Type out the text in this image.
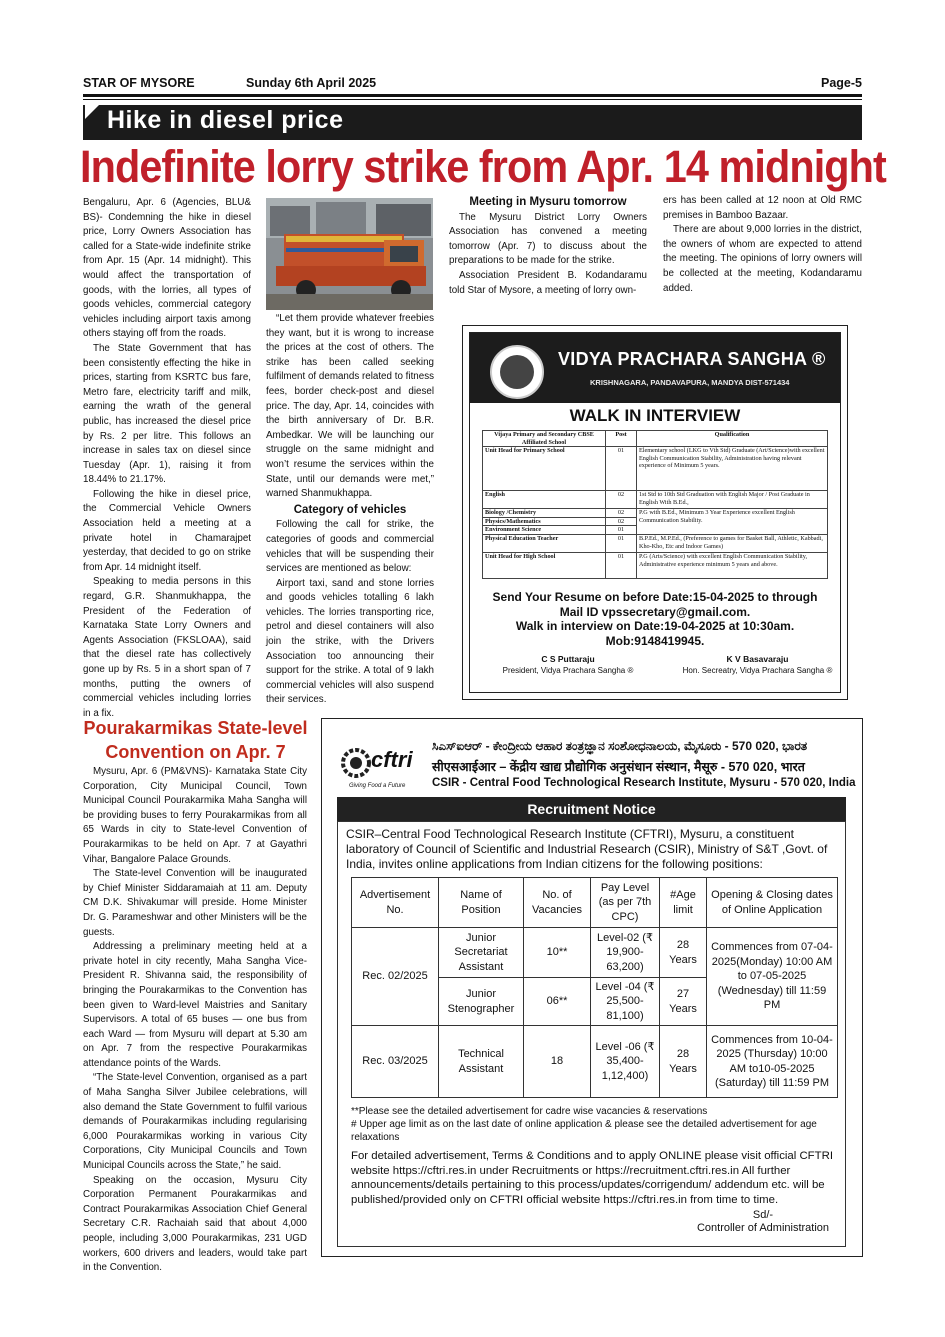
STAR OF MYSORE	Sunday 6th April 2025	Page-5
Hike in diesel price
Indefinite lorry strike from Apr. 14 midnight

Bengaluru, Apr. 6 (Agencies, BLU& BS)- Condemning the hike in diesel price, Lorry Owners Association has called for a State-wide indefinite strike from Apr. 15 (Apr. 14 midnight). This would affect the transportation of goods, with the lorries, all types of goods vehicles, commercial category vehicles including airport taxis among others staying off from the roads.

The State Government that has been consistently effecting the hike in prices, starting from KSRTC bus fare, Metro fare, electricity tariff and milk, earning the wrath of the general public, has increased the diesel price by Rs. 2 per litre. This follows an increase in sales tax on diesel since Tuesday (Apr. 1), raising it from 18.44% to 21.17%.

Following the hike in diesel price, the Commercial Vehicle Owners Association held a meeting at a private hotel in Chamarajpet yesterday, that decided to go on strike from Apr. 14 midnight itself.

Speaking to media persons in this regard, G.R. Shanmukhappa, the President of the Federation of Karnataka State Lorry Owners and Agents Association (FKSLOAA), said that the diesel rate has collectively gone up by Rs. 5 in a short span of 7 months, putting the owners of commercial vehicles including lorries in a fix.

“Let them provide whatever freebies they want, but it is wrong to increase the prices at the cost of others. The strike has been called seeking fulfilment of demands related to fitness fees, border check-post and diesel price. The day, Apr. 14, coincides with the birth anniversary of Dr. B.R. Ambedkar. We will be launching our struggle on the same midnight and won’t resume the services within the State, until our demands were met,” warned Shanmukhappa.

Category of vehicles

Following the call for strike, the categories of goods and commercial vehicles that will be suspending their services are mentioned as below:

Airport taxi, sand and stone lorries and goods vehicles totalling 6 lakh vehicles. The lorries transporting rice, petrol and diesel containers will also join the strike, with the Drivers Association too announcing their support for the strike. A total of 9 lakh commercial vehicles will also suspend their services.

Meeting in Mysuru tomorrow

The Mysuru District Lorry Owners Association has convened a meeting tomorrow (Apr. 7) to discuss about the preparations to be made for the strike.

Association President B. Kodandaramu told Star of Mysore, a meeting of lorry own-

ers has been called at 12 noon at Old RMC premises in Bamboo Bazaar.

There are about 9,000 lorries in the district, the owners of whom are expected to attend the meeting. The opinions of lorry owners will be collected at the meeting, Kodandaramu added.

VIDYA PRACHARA SANGHA ®
KRISHNAGARA, PANDAVAPURA, MANDYA DIST-571434
WALK IN INTERVIEW
Vijaya Primary and Secondary CBSE Affiliated School	Post	Qualification
Unit Head for Primary School	01	Elementary school (LKG to Vth Std) Graduate (Art/Science)with excellent English Communication Stability, Administration having relevant experience of Minimum 5 years.
English	02	1st Std to 10th Std Graduation with English Major / Post Graduate in English With B.Ed.,
Biology /Chemistry	02	P.G with B.Ed., Minimum 3 Year Experience excellent English Communication Stability.
Physics/Mathematics	02	
Environment Science	01	
Physical Education Teacher	01	B.P.Ed., M.P.Ed., (Preference to games for Basket Ball, Athletic, Kabbadi, Kho-Kho, Etc and Indoor Games)
Unit Head for High School	01	P.G (Arts/Science) with excellent English Communication Stability, Administrative experience minimum 5 years and above.
Send Your Resume on before Date:15-04-2025 to through
Mail ID vpssecretary@gmail.com.
Walk in interview on Date:19-04-2025 at 10:30am.
Mob:9148419945.
C S Puttaraju
President, Vidya Prachara Sangha ®
K V Basavaraju
Hon. Secreatry, Vidya Prachara Sangha ®
Pourakarmikas State-level Convention on Apr. 7

Mysuru, Apr. 6 (PM&VNS)- Karnataka State City Corporation, City Municipal Council, Town Municipal Council Pourakarmika Maha Sangha will be providing buses to ferry Pourakarmikas from all 65 Wards in city to State-level Convention of Pourakarmikas to be held on Apr. 7 at Gayathri Vihar, Bangalore Palace Grounds.

The State-level Convention will be inaugurated by Chief Minister Siddaramaiah at 11 am. Deputy CM D.K. Shivakumar will preside. Home Minister Dr. G. Parameshwar and other Ministers will be the guests.

Addressing a preliminary meeting held at a private hotel in city recently, Maha Sangha Vice-President R. Shivanna said, the responsibility of bringing the Pourakarmikas to the Convention has been given to Ward-level Maistries and Sanitary Supervisors. A total of 65 buses — one bus from each Ward — from Mysuru will depart at 5.30 am on Apr. 7 from the respective Pourakarmikas attendance points of the Wards.

“The State-level Convention, organised as a part of Maha Sangha Silver Jubilee celebrations, will also demand the State Government to fulfil various demands of Pourakarmikas including regularising 6,000 Pourakarmikas working in various City Corporations, City Municipal Councils and Town Municipal Councils across the State,” he said.

Speaking on the occasion, Mysuru City Corporation Permanent Pourakarmikas and Contract Pourakarmikas Association Chief General Secretary C.R. Rachaiah said that about 4,000 people, including 3,000 Pourakarmikas, 231 UGD workers, 600 drivers and leaders, would take part in the Convention.

cftri
Giving Food a Future
ಸಿಎಸ್ಐಆರ್ - ಕೇಂದ್ರೀಯ ಆಹಾರ ತಂತ್ರಜ್ಞಾನ ಸಂಶೋಧನಾಲಯ, ಮೈಸೂರು - 570 020, ಭಾರತ
सीएसआईआर – केंद्रीय खाद्य प्रौद्योगिक अनुसंधान संस्थान, मैसूरु - 570 020, भारत
CSIR - Central Food Technological Research Institute, Mysuru - 570 020, India
Recruitment Notice
CSIR–Central Food Technological Research Institute (CFTRI), Mysuru, a constituent laboratory of Council of Scientific and Industrial Research (CSIR), Ministry of S&T ,Govt. of India, invites online applications from Indian citizens for the following positions:
Advertisement No.	Name of Position	No. of Vacancies	Pay Level (as per 7th CPC)	#Age limit	Opening & Closing dates of Online Application
Rec. 02/2025	Junior Secretariat Assistant	10**	Level-02 (₹ 19,900-63,200)	28 Years	Commences from 07-04-2025(Monday) 10:00 AM to 07-05-2025 (Wednesday) till 11:59 PM
	Junior Stenographer	06**	Level -04 (₹ 25,500-81,100)	27 Years	
Rec. 03/2025	Technical Assistant	18	Level -06 (₹ 35,400-1,12,400)	28 Years	Commences from 10-04-2025 (Thursday) 10:00 AM to10-05-2025 (Saturday) till 11:59 PM
**Please see the detailed advertisement for cadre wise vacancies & reservations
# Upper age limit as on the last date of online application & please see the detailed advertisement for age relaxations
For detailed advertisement, Terms & Conditions and to apply ONLINE please visit official CFTRI website https://cftri.res.in under Recruitments or https://recruitment.cftri.res.in All further announcements/details pertaining to this process/updates/corrigendum/ addendum etc. will be published/provided only on CFTRI official website https://cftri.res.in from time to time.
Sd/-
Controller of Administration
